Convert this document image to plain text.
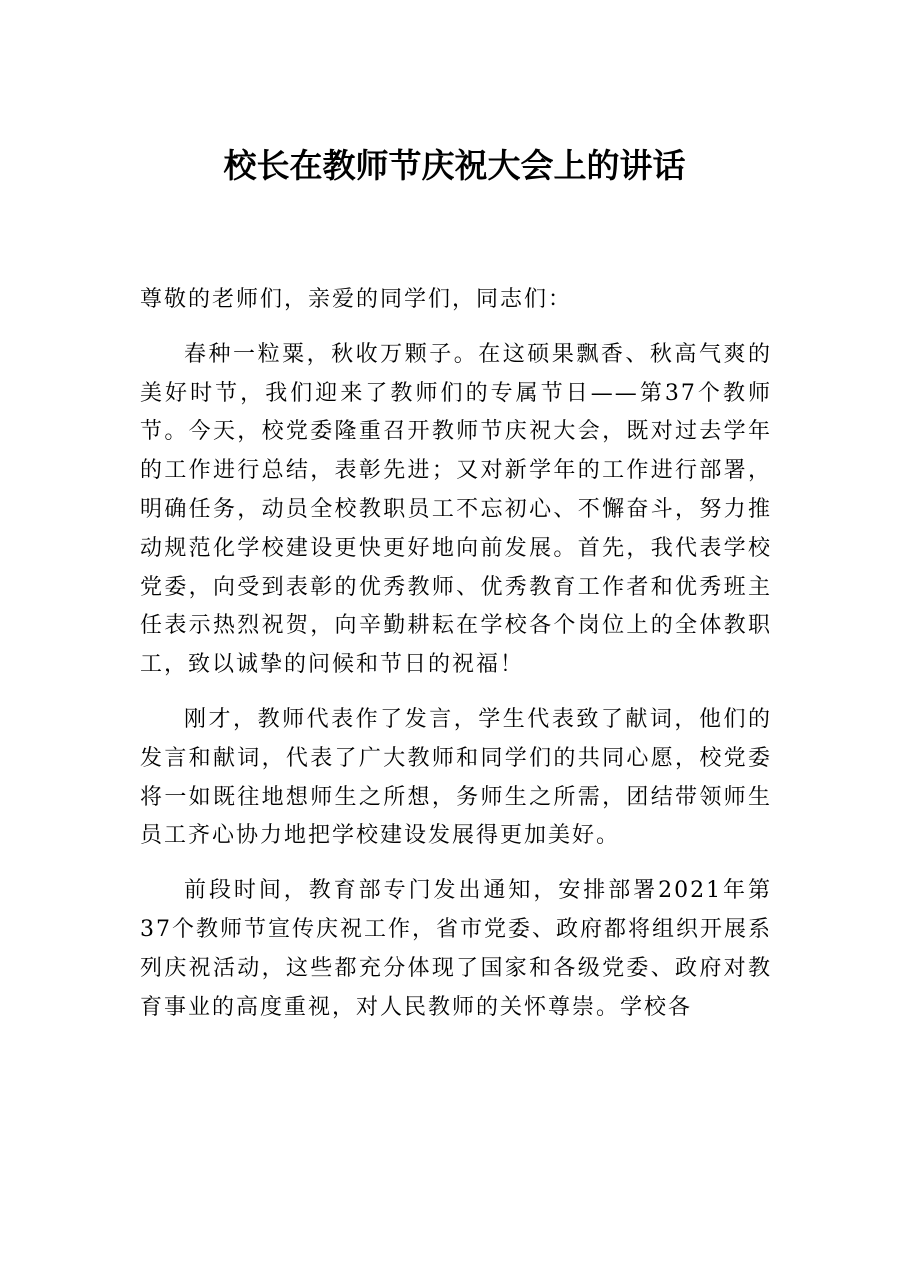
校长在教师节庆祝大会上的讲话

尊敬的老师们，亲爱的同学们，同志们：

春种一粒粟，秋收万颗子。在这硕果飘香、秋高气爽的美好时节，我们迎来了教师们的专属节日——第37个教师节。今天，校党委隆重召开教师节庆祝大会，既对过去学年的工作进行总结，表彰先进；又对新学年的工作进行部署，明确任务，动员全校教职员工不忘初心、不懈奋斗，努力推动规范化学校建设更快更好地向前发展。首先，我代表学校党委，向受到表彰的优秀教师、优秀教育工作者和优秀班主任表示热烈祝贺，向辛勤耕耘在学校各个岗位上的全体教职工，致以诚挚的问候和节日的祝福！

刚才，教师代表作了发言，学生代表致了献词，他们的发言和献词，代表了广大教师和同学们的共同心愿，校党委将一如既往地想师生之所想，务师生之所需，团结带领师生员工齐心协力地把学校建设发展得更加美好。

前段时间，教育部专门发出通知，安排部署2021年第37个教师节宣传庆祝工作，省市党委、政府都将组织开展系列庆祝活动，这些都充分体现了国家和各级党委、政府对教育事业的高度重视，对人民教师的关怀尊崇。学校各
